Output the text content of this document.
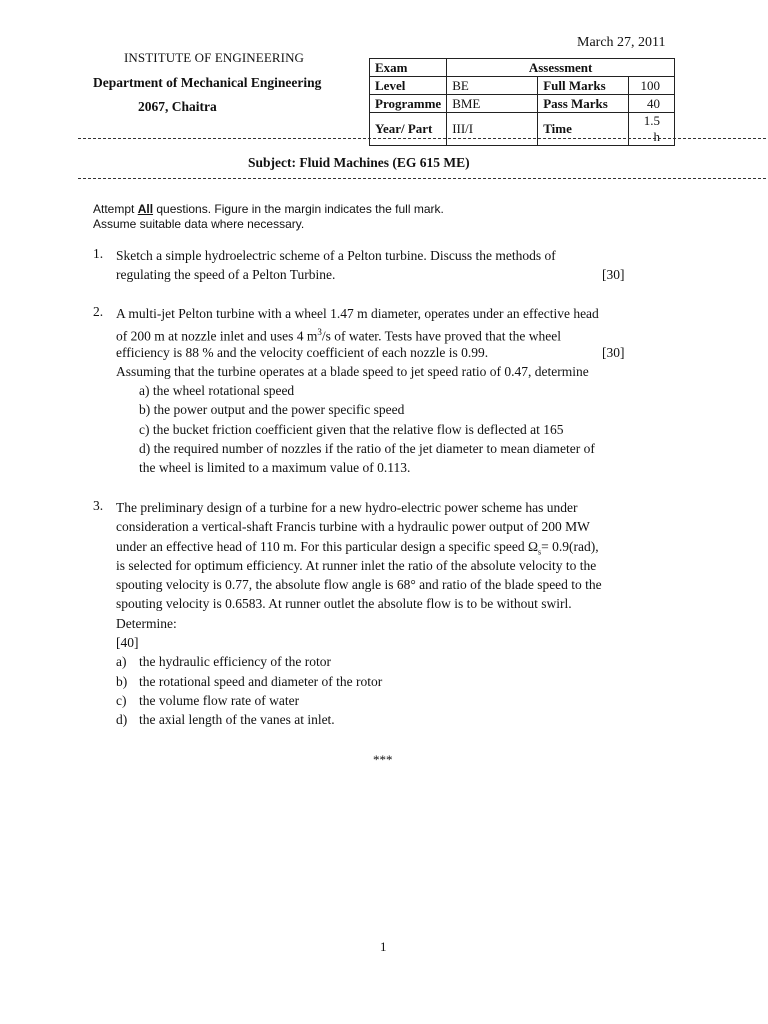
March 27, 2011
INSTITUTE OF ENGINEERING
Department of Mechanical Engineering
2067, Chaitra
Exam	Assessment		
Level	BE	Full Marks	100
Programme	BME	Pass Marks	40
Year/ Part	III/I	Time	1.5 h
Subject: Fluid Machines (EG 615 ME)
Attempt All questions. Figure in the margin indicates the full mark.
Assume suitable data where necessary.
1. Sketch a simple hydroelectric scheme of a Pelton turbine. Discuss the methods of
regulating the speed of a Pelton Turbine.	[30]
2. A multi-jet Pelton turbine with a wheel 1.47 m diameter, operates under an effective head
of 200 m at nozzle inlet and uses 4 $m^3/s$ of water. Tests have proved that the wheel
efficiency is 88 % and the velocity coefficient of each nozzle is 0.99.	[30]
Assuming that the turbine operates at a blade speed to jet speed ratio of 0.47, determine
a) the wheel rotational speed
b) the power output and the power specific speed
c) the bucket friction coefficient given that the relative flow is deflected at 165
d) the required number of nozzles if the ratio of the jet diameter to mean diameter of
the wheel is limited to a maximum value of 0.113.
3. The preliminary design of a turbine for a new hydro-electric power scheme has under
consideration a vertical-shaft Francis turbine with a hydraulic power output of 200 MW
under an effective head of 110 m. For this particular design a specific speed $\Omega_s= 0.9(rad)$,
is selected for optimum efficiency. At runner inlet the ratio of the absolute velocity to the
spouting velocity is 0.77, the absolute flow angle is 68° and ratio of the blade speed to the
spouting velocity is 0.6583. At runner outlet the absolute flow is to be without swirl.
Determine:
[40]
a) the hydraulic efficiency of the rotor
b) the rotational speed and diameter of the rotor
c) the volume flow rate of water
d) the axial length of the vanes at inlet.
***
1
